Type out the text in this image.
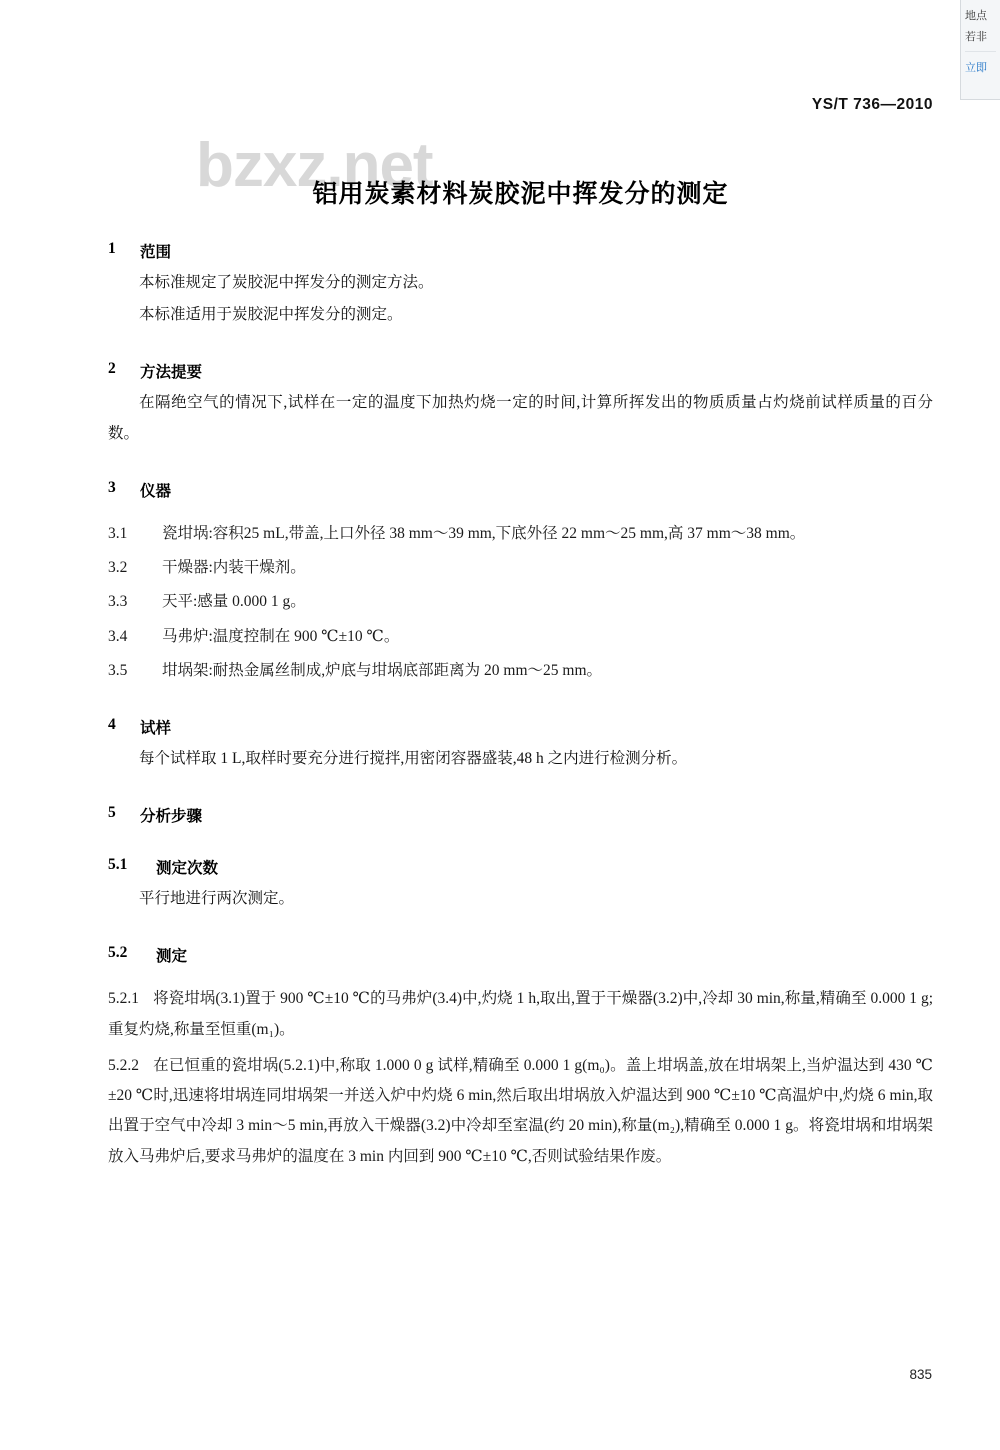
地点
若非
立即
bzxz.net
YS/T 736—2010
铝用炭素材料炭胶泥中挥发分的测定
1	范围

本标准规定了炭胶泥中挥发分的测定方法。

本标准适用于炭胶泥中挥发分的测定。

2	方法提要

在隔绝空气的情况下,试样在一定的温度下加热灼烧一定的时间,计算所挥发出的物质质量占灼烧前试样质量的百分数。

3	仪器
3.1	瓷坩埚:容积25 mL,带盖,上口外径 38 mm～39 mm,下底外径 22 mm～25 mm,高 37 mm～38 mm。
3.2	干燥器:内装干燥剂。
3.3	天平:感量 0.000 1 g。
3.4	马弗炉:温度控制在 900 ℃±10 ℃。
3.5	坩埚架:耐热金属丝制成,炉底与坩埚底部距离为 20 mm～25 mm。
4	试样

每个试样取 1 L,取样时要充分进行搅拌,用密闭容器盛装,48 h 之内进行检测分析。

5	分析步骤
5.1	测定次数

平行地进行两次测定。

5.2	测定

5.2.1 将瓷坩埚(3.1)置于 900 ℃±10 ℃的马弗炉(3.4)中,灼烧 1 h,取出,置于干燥器(3.2)中,冷却 30 min,称量,精确至 0.000 1 g;重复灼烧,称量至恒重(m₁)。

5.2.2 在已恒重的瓷坩埚(5.2.1)中,称取 1.000 0 g 试样,精确至 0.000 1 g(m₀)。盖上坩埚盖,放在坩埚架上,当炉温达到 430 ℃±20 ℃时,迅速将坩埚连同坩埚架一并送入炉中灼烧 6 min,然后取出坩埚放入炉温达到 900 ℃±10 ℃高温炉中,灼烧 6 min,取出置于空气中冷却 3 min～5 min,再放入干燥器(3.2)中冷却至室温(约 20 min),称量(m₂),精确至 0.000 1 g。将瓷坩埚和坩埚架放入马弗炉后,要求马弗炉的温度在 3 min 内回到 900 ℃±10 ℃,否则试验结果作废。

835
